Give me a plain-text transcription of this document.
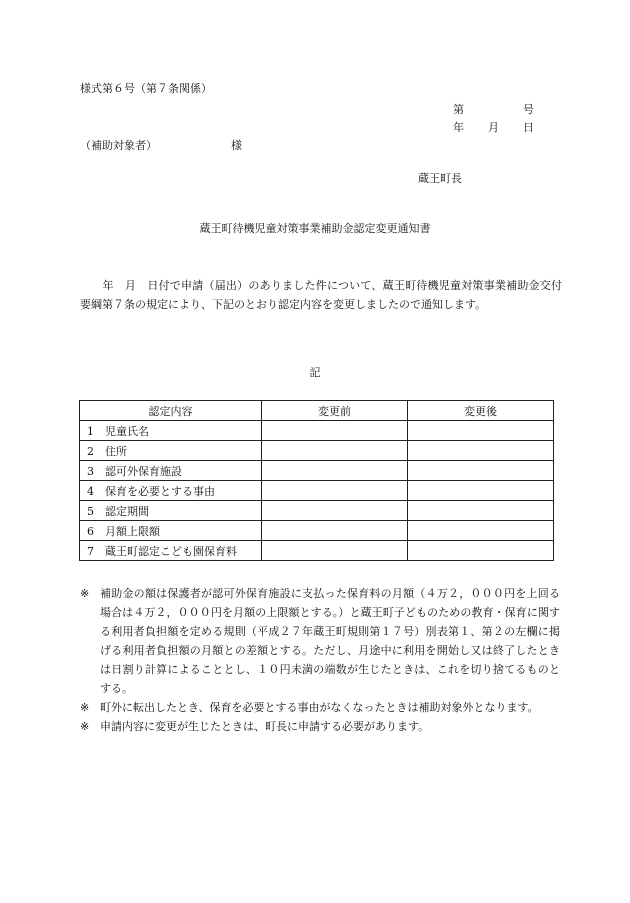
様式第６号（第７条関係）
第	号
年 月 日
（補助対象者）	様
蔵王町長
蔵王町待機児童対策事業補助金認定変更通知書
　　年　月　日付で申請（届出）のありました件について、蔵王町待機児童対策事業補助金交付要綱第７条の規定により、下記のとおり認定内容を変更しましたので通知します。
記
認定内容	変更前	変更後
1 児童氏名		
2 住所		
3 認可外保育施設		
4 保育を必要とする事由		
5 認定期間		
6 月額上限額		
7 蔵王町認定こども園保育料		
※ 補助金の額は保護者が認可外保育施設に支払った保育料の月額（４万２，０００円を上回る場合は４万２，０００円を月額の上限額とする。）と蔵王町子どものための教育・保育に関する利用者負担額を定める規則（平成２７年蔵王町規則第１７号）別表第１、第２の左欄に掲げる利用者負担額の月額との差額とする。ただし、月途中に利用を開始し又は終了したときは日割り計算によることとし、１０円未満の端数が生じたときは、これを切り捨てるものとする。
※ 町外に転出したとき、保育を必要とする事由がなくなったときは補助対象外となります。
※ 申請内容に変更が生じたときは、町長に申請する必要があります。
